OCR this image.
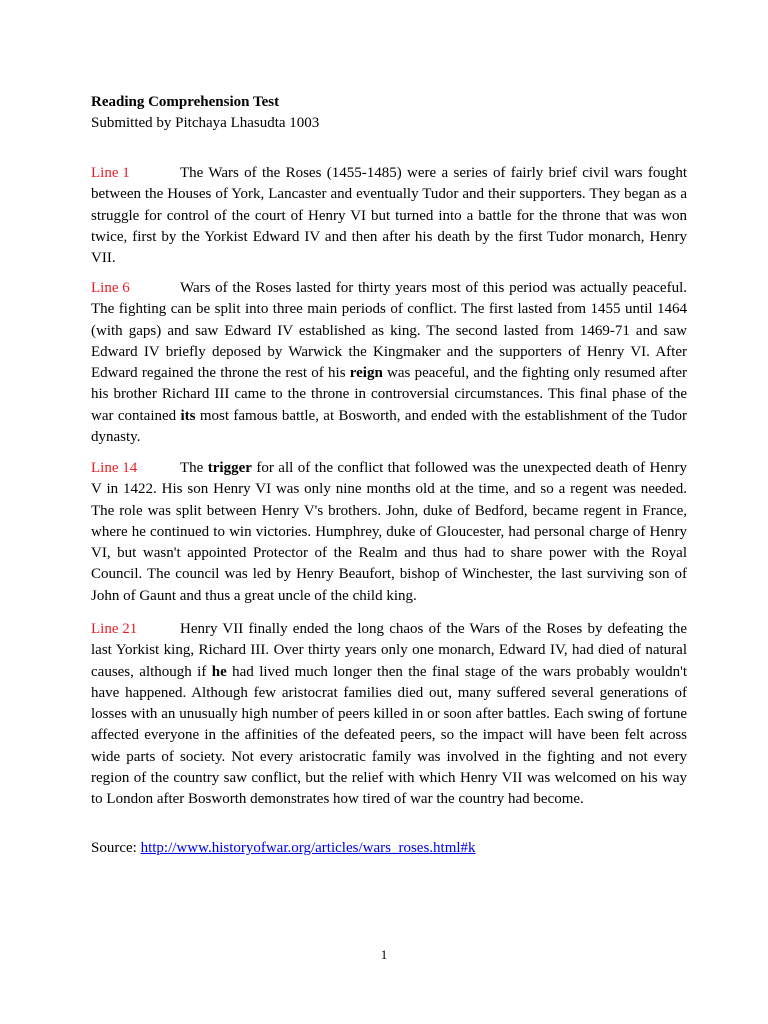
Reading Comprehension Test
Submitted by Pitchaya Lhasudta 1003

Line 1	The Wars of the Roses (1455-1485) were a series of fairly brief civil wars fought between the Houses of York, Lancaster and eventually Tudor and their supporters. They began as a struggle for control of the court of Henry VI but turned into a battle for the throne that was won twice, first by the Yorkist Edward IV and then after his death by the first Tudor monarch, Henry VII.

Line 6	Wars of the Roses lasted for thirty years most of this period was actually peaceful. The fighting can be split into three main periods of conflict. The first lasted from 1455 until 1464 (with gaps) and saw Edward IV established as king. The second lasted from 1469-71 and saw Edward IV briefly deposed by Warwick the Kingmaker and the supporters of Henry VI. After Edward regained the throne the rest of his reign was peaceful, and the fighting only resumed after his brother Richard III came to the throne in controversial circumstances. This final phase of the war contained its most famous battle, at Bosworth, and ended with the establishment of the Tudor dynasty.

Line 14	The trigger for all of the conflict that followed was the unexpected death of Henry V in 1422. His son Henry VI was only nine months old at the time, and so a regent was needed. The role was split between Henry V's brothers. John, duke of Bedford, became regent in France, where he continued to win victories. Humphrey, duke of Gloucester, had personal charge of Henry VI, but wasn't appointed Protector of the Realm and thus had to share power with the Royal Council. The council was led by Henry Beaufort, bishop of Winchester, the last surviving son of John of Gaunt and thus a great uncle of the child king.

Line 21	Henry VII finally ended the long chaos of the Wars of the Roses by defeating the last Yorkist king, Richard III. Over thirty years only one monarch, Edward IV, had died of natural causes, although if he had lived much longer then the final stage of the wars probably wouldn't have happened. Although few aristocrat families died out, many suffered several generations of losses with an unusually high number of peers killed in or soon after battles. Each swing of fortune affected everyone in the affinities of the defeated peers, so the impact will have been felt across wide parts of society. Not every aristocratic family was involved in the fighting and not every region of the country saw conflict, but the relief with which Henry VII was welcomed on his way to London after Bosworth demonstrates how tired of war the country had become.

Source: http://www.historyofwar.org/articles/wars_roses.html#k
1
